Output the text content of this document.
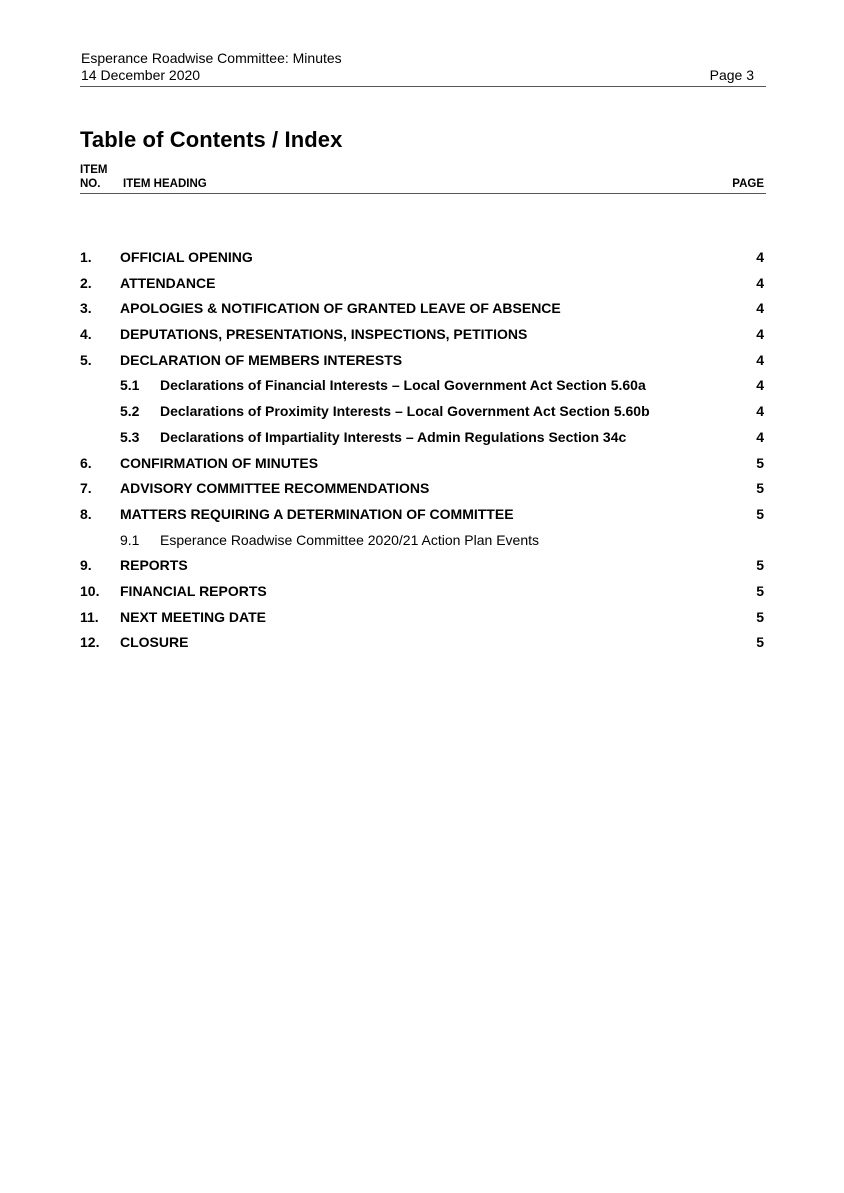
Esperance Roadwise Committee: Minutes
14 December 2020	Page 3
Table of Contents / Index
ITEM
NO. ITEM HEADING	PAGE
1. OFFICIAL OPENING	4
2. ATTENDANCE	4
3. APOLOGIES & NOTIFICATION OF GRANTED LEAVE OF ABSENCE	4
4. DEPUTATIONS, PRESENTATIONS, INSPECTIONS, PETITIONS	4
5. DECLARATION OF MEMBERS INTERESTS	4
5.1 Declarations of Financial Interests – Local Government Act Section 5.60a	4
5.2 Declarations of Proximity Interests – Local Government Act Section 5.60b	4
5.3 Declarations of Impartiality Interests – Admin Regulations Section 34c	4
6. CONFIRMATION OF MINUTES	5
7. ADVISORY COMMITTEE RECOMMENDATIONS	5
8. MATTERS REQUIRING A DETERMINATION OF COMMITTEE	5
9.1 Esperance Roadwise Committee 2020/21 Action Plan Events
9. REPORTS	5
10. FINANCIAL REPORTS	5
11. NEXT MEETING DATE	5
12. CLOSURE	5
